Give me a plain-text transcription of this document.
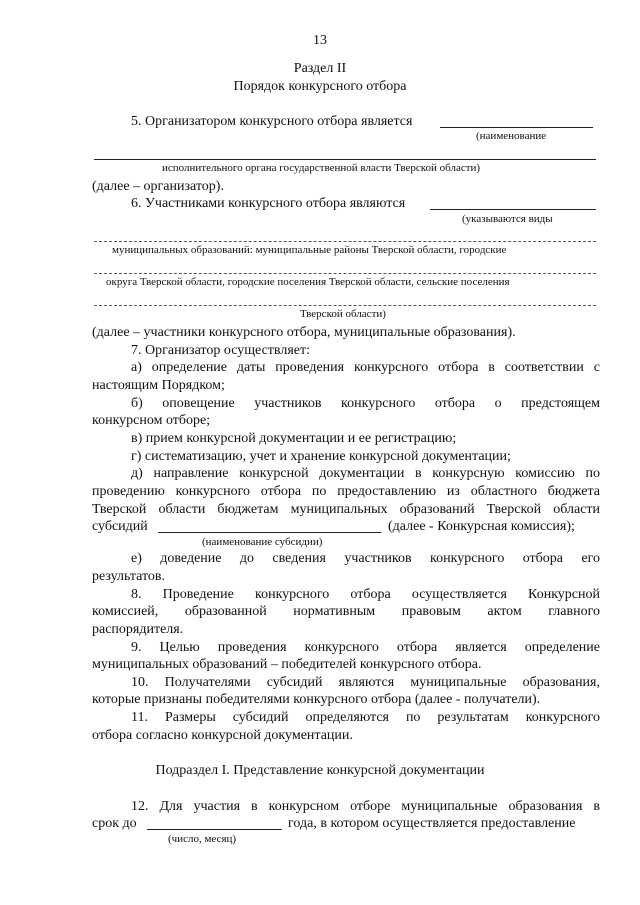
13
Раздел II
Порядок конкурсного отбора
5. Организатором конкурсного отбора является
(наименование
исполнительного органа государственной власти Тверской области)
(далее – организатор).
6. Участниками конкурсного отбора являются
(указываются виды
муниципальных образований: муниципальные районы Тверской области, городские
округа Тверской области, городские поселения Тверской области, сельские поселения
Тверской области)
(далее – участники конкурсного отбора, муниципальные образования).
7. Организатор осуществляет:
а) определение даты проведения конкурсного отбора в соответствии с
настоящим Порядком;
б) оповещение участников конкурсного отбора о предстоящем
конкурсном отборе;
в) прием конкурсной документации и ее регистрацию;
г) систематизацию, учет и хранение конкурсной документации;
д) направление конкурсной документации в конкурсную комиссию по
проведению конкурсного отбора по предоставлению из областного бюджета
Тверской области бюджетам муниципальных образований Тверской области
субсидий	(далее - Конкурсная комиссия);
(наименование субсидии)
е) доведение до сведения участников конкурсного отбора его
результатов.
8. Проведение конкурсного отбора осуществляется Конкурсной
комиссией, образованной нормативным правовым актом главного
распорядителя.
9. Целью проведения конкурсного отбора является определение
муниципальных образований – победителей конкурсного отбора.
10. Получателями субсидий являются муниципальные образования,
которые признаны победителями конкурсного отбора (далее - получатели).
11. Размеры субсидий определяются по результатам конкурсного
отбора согласно конкурсной документации.
Подраздел I. Представление конкурсной документации
12. Для участия в конкурсном отборе муниципальные образования в
срок до	года, в котором осуществляется предоставление
(число, месяц)
